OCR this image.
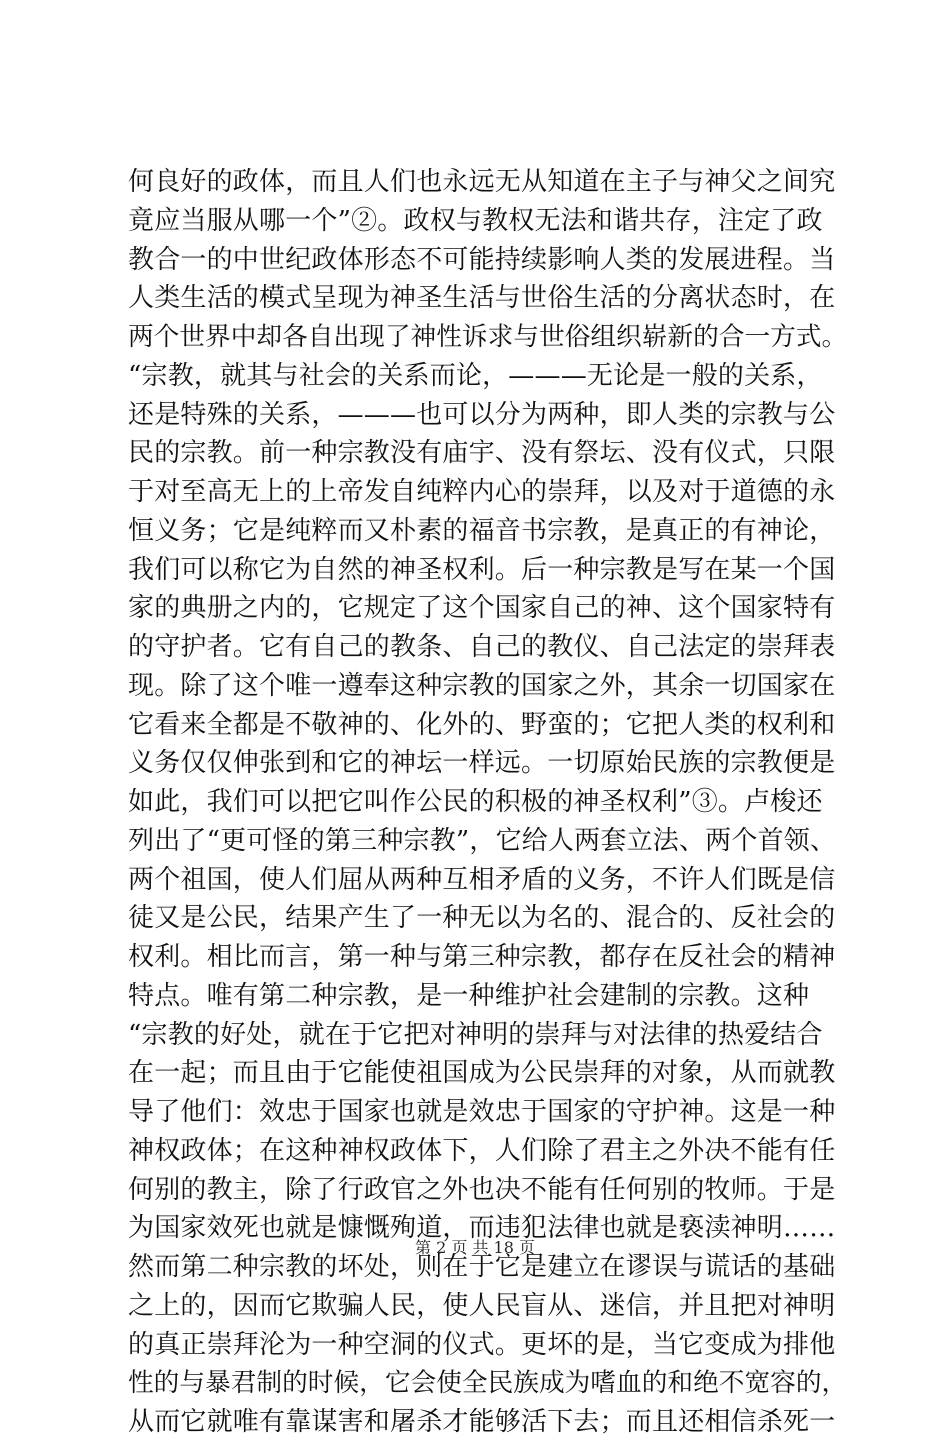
何良好的政体，而且人们也永远无从知道在主子与神父之间究
竟应当服从哪一个”②。政权与教权无法和谐共存，注定了政
教合一的中世纪政体形态不可能持续影响人类的发展进程。当
人类生活的模式呈现为神圣生活与世俗生活的分离状态时，在
两个世界中却各自出现了神性诉求与世俗组织崭新的合一方式。
“宗教，就其与社会的关系而论，———无论是一般的关系，
还是特殊的关系，———也可以分为两种，即人类的宗教与公
民的宗教。前一种宗教没有庙宇、没有祭坛、没有仪式，只限
于对至高无上的上帝发自纯粹内心的崇拜，以及对于道德的永
恒义务；它是纯粹而又朴素的福音书宗教，是真正的有神论，
我们可以称它为自然的神圣权利。后一种宗教是写在某一个国
家的典册之内的，它规定了这个国家自己的神、这个国家特有
的守护者。它有自己的教条、自己的教仪、自己法定的崇拜表
现。除了这个唯一遵奉这种宗教的国家之外，其余一切国家在
它看来全都是不敬神的、化外的、野蛮的；它把人类的权利和
义务仅仅伸张到和它的神坛一样远。一切原始民族的宗教便是
如此，我们可以把它叫作公民的积极的神圣权利”③。卢梭还
列出了“更可怪的第三种宗教”，它给人两套立法、两个首领、
两个祖国，使人们屈从两种互相矛盾的义务，不许人们既是信
徒又是公民，结果产生了一种无以为名的、混合的、反社会的
权利。相比而言，第一种与第三种宗教，都存在反社会的精神
特点。唯有第二种宗教，是一种维护社会建制的宗教。这种
“宗教的好处，就在于它把对神明的崇拜与对法律的热爱结合
在一起；而且由于它能使祖国成为公民崇拜的对象，从而就教
导了他们：效忠于国家也就是效忠于国家的守护神。这是一种
神权政体；在这种神权政体下，人们除了君主之外决不能有任
何别的教主，除了行政官之外也决不能有任何别的牧师。于是
为国家效死也就是慷慨殉道，而违犯法律也就是亵渎神明……
然而第二种宗教的坏处，则在于它是建立在谬误与谎话的基础
之上的，因而它欺骗人民，使人民盲从、迷信，并且把对神明
的真正崇拜沦为一种空洞的仪式。更坏的是，当它变成为排他
性的与暴君制的时候，它会使全民族成为嗜血的和绝不宽容的，
从而它就唯有靠谋害和屠杀才能够活下去；而且还相信杀死一
第 2 页 共 18 页
